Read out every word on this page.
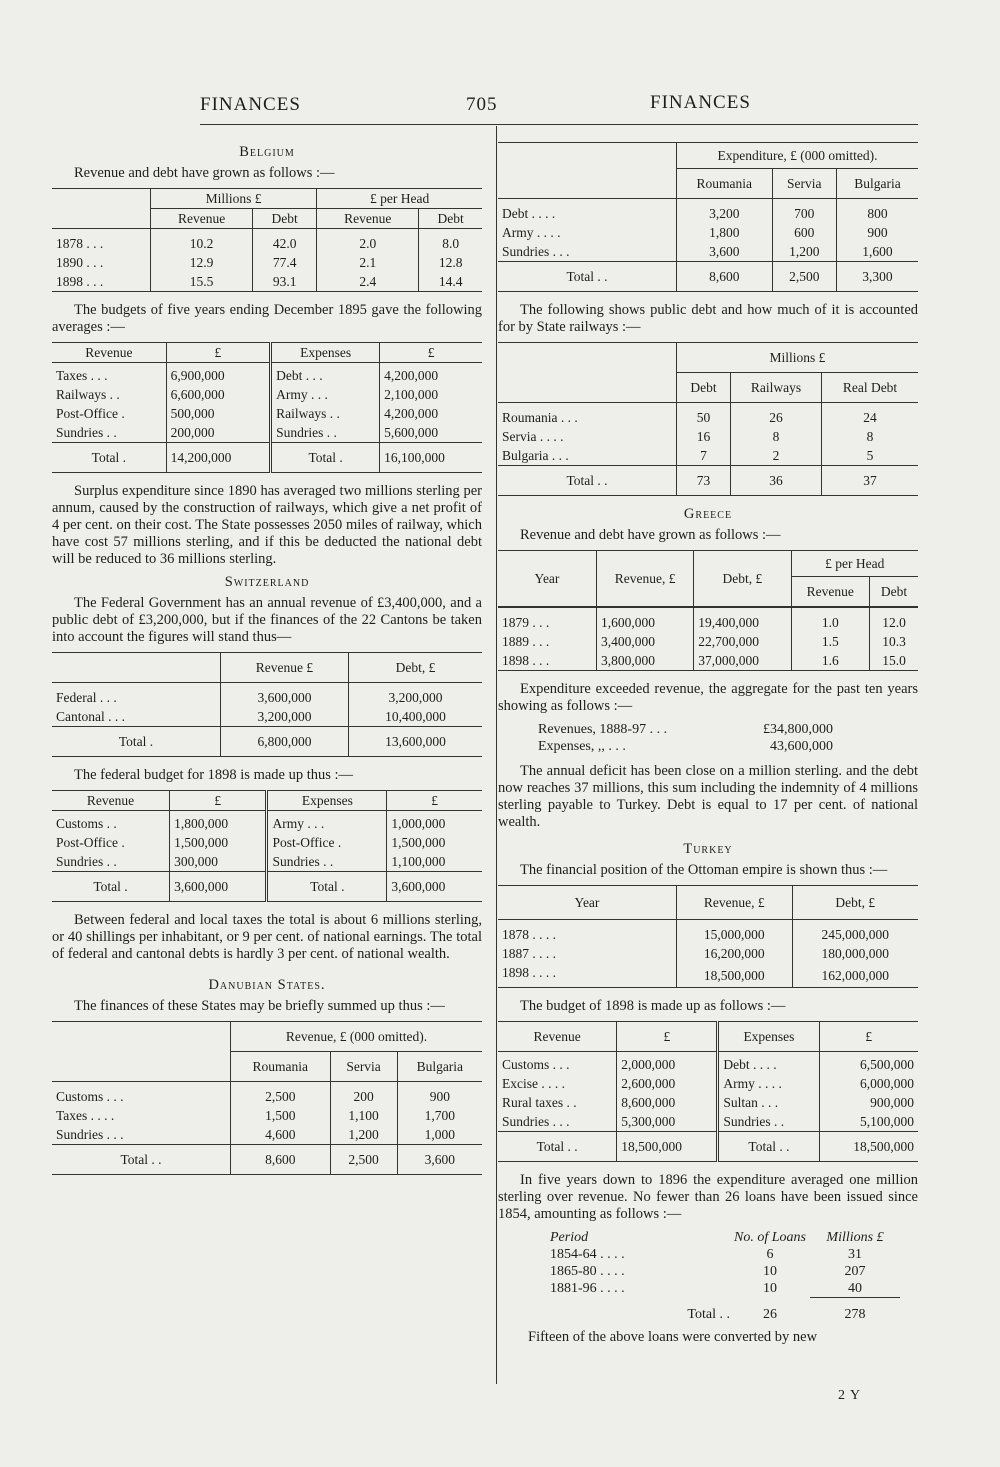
FINANCES	705	FINANCES
Belgium

Revenue and debt have grown as follows :—

	Millions £		£ per Head	
	Revenue	Debt	Revenue	Debt
1878 . . .	10.2	42.0	2.0	8.0
1890 . . .	12.9	77.4	2.1	12.8
1898 . . .	15.5	93.1	2.4	14.4

The budgets of five years ending December 1895 gave the following averages :—

Revenue	£	Expenses	£
Taxes . . .	6,900,000	Debt . . .	4,200,000
Railways . .	6,600,000	Army . . .	2,100,000
Post-Office .	500,000	Railways . .	4,200,000
Sundries . .	200,000	Sundries . .	5,600,000
Total .	14,200,000	Total .	16,100,000

Surplus expenditure since 1890 has averaged two millions sterling per annum, caused by the construction of railways, which give a net profit of 4 per cent. on their cost. The State possesses 2050 miles of railway, which have cost 57 millions sterling, and if this be deducted the national debt will be reduced to 36 millions sterling.

Switzerland

The Federal Government has an annual revenue of £3,400,000, and a public debt of £3,200,000, but if the finances of the 22 Cantons be taken into account the figures will stand thus—

	Revenue £	Debt, £
Federal . . .	3,600,000	3,200,000
Cantonal . . .	3,200,000	10,400,000
Total .	6,800,000	13,600,000

The federal budget for 1898 is made up thus :—

Revenue	£	Expenses	£
Customs . .	1,800,000	Army . . .	1,000,000
Post-Office .	1,500,000	Post-Office .	1,500,000
Sundries . .	300,000	Sundries . .	1,100,000
Total .	3,600,000	Total .	3,600,000

Between federal and local taxes the total is about 6 millions sterling, or 40 shillings per inhabitant, or 9 per cent. of national earnings. The total of federal and cantonal debts is hardly 3 per cent. of national wealth.

Danubian States.

The finances of these States may be briefly summed up thus :—

	Revenue, £ (000 omitted).		
	Roumania	Servia	Bulgaria
Customs . . .	2,500	200	900
Taxes . . . .	1,500	1,100	1,700
Sundries . . .	4,600	1,200	1,000
Total . .	8,600	2,500	3,600
	Expenditure, £ (000 omitted).		
	Roumania	Servia	Bulgaria
Debt . . . .	3,200	700	800
Army . . . .	1,800	600	900
Sundries . . .	3,600	1,200	1,600
Total . .	8,600	2,500	3,300

The following shows public debt and how much of it is accounted for by State railways :—

	Millions £		
	Debt	Railways	Real Debt
Roumania . . .	50	26	24
Servia . . . .	16	8	8
Bulgaria . . .	7	2	5
Total . .	73	36	37
Greece

Revenue and debt have grown as follows :—

Year	Revenue, £	Debt, £	£ per Head	
			Revenue	Debt

1879 . . .	1,600,000	19,400,000	1.0	12.0
1889 . . .	3,400,000	22,700,000	1.5	10.3
1898 . . .	3,800,000	37,000,000	1.6	15.0

Expenditure exceeded revenue, the aggregate for the past ten years showing as follows :—

Revenues, 1888-97 . . .	£34,800,000
Expenses, ,, . . .	43,600,000

The annual deficit has been close on a million sterling. and the debt now reaches 37 millions, this sum including the indemnity of 4 millions sterling payable to Turkey. Debt is equal to 17 per cent. of national wealth.

Turkey

The financial position of the Ottoman empire is shown thus :—

Year	Revenue, £	Debt, £
1878 . . . .	15,000,000	245,000,000
1887 . . . .	16,200,000	180,000,000
1898 . . . .	18,500,000	162,000,000

The budget of 1898 is made up as follows :—

Revenue	£	Expenses	£
Customs . . .	2,000,000	Debt . . . .	6,500,000
Excise . . . .	2,600,000	Army . . . .	6,000,000
Rural taxes . .	8,600,000	Sultan . . .	900,000
Sundries . . .	5,300,000	Sundries . .	5,100,000
Total . .	18,500,000	Total . .	18,500,000

In five years down to 1896 the expenditure averaged one million sterling over revenue. No fewer than 26 loans have been issued since 1854, amounting as follows :—

Period	No. of Loans	Millions £
1854-64 . . . .	6	31
1865-80 . . . .	10	207
1881-96 . . . .	10	40
Total . .	26	278

Fifteen of the above loans were converted by new

2 Y
